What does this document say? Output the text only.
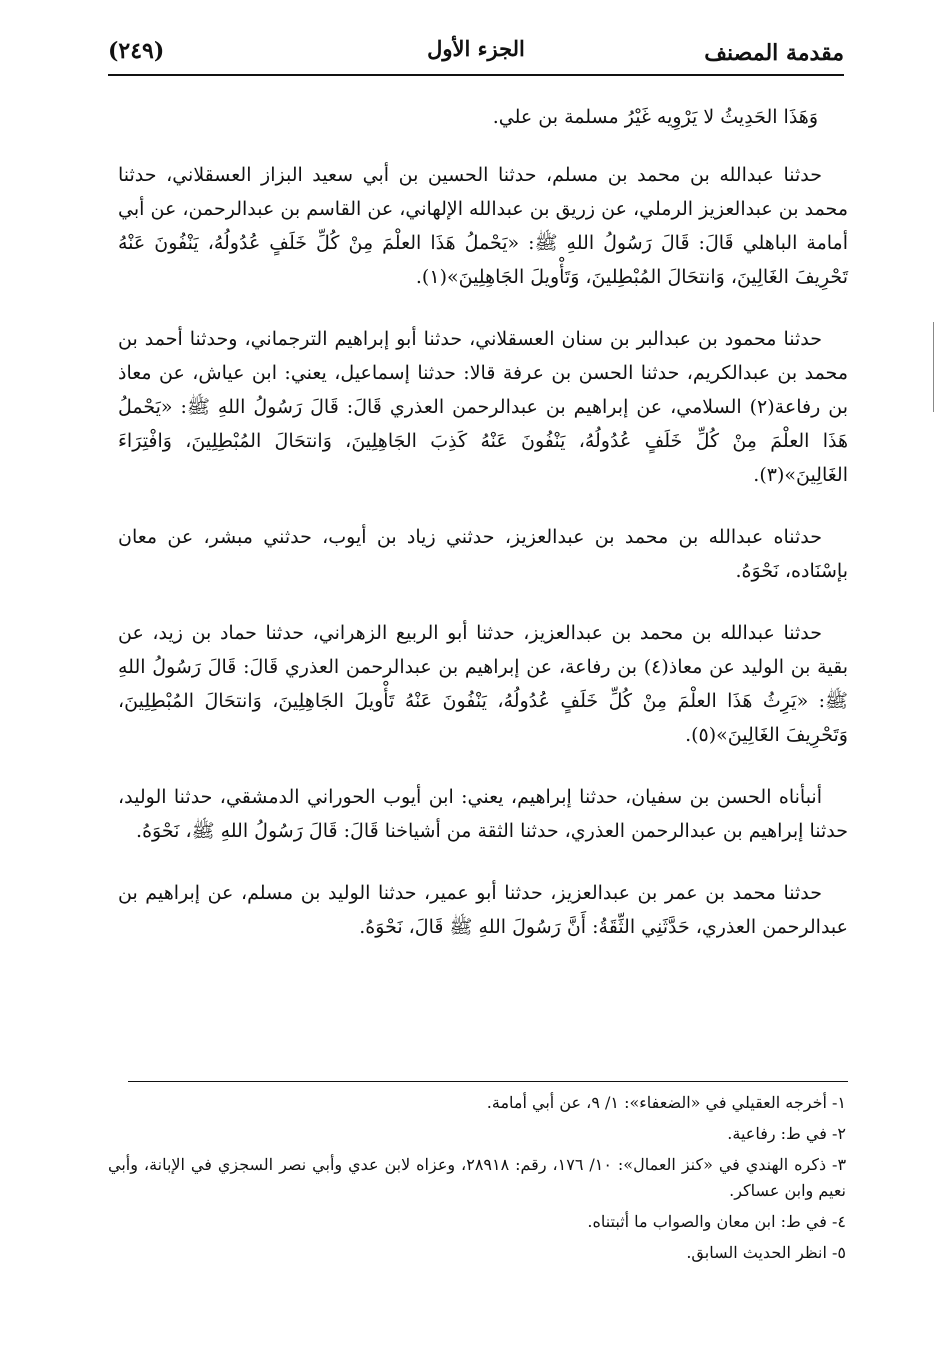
مقدمة المصنف
الجزء الأول
(٢٤٩)

وَهَذَا الحَدِيثُ لا يَرْوِيه غَيْرُ مسلمة بن علي.

حدثنا عبدالله بن محمد بن مسلم، حدثنا الحسين بن أبي سعيد البزاز العسقلاني، حدثنا محمد بن عبدالعزيز الرملي، عن زريق بن عبدالله الإلهاني، عن القاسم بن عبدالرحمن، عن أبي أمامة الباهلي قَالَ: قَالَ رَسُولُ اللهِ ﷺ: «يَحْملُ هَذَا العلْمَ مِنْ كُلِّ خَلَفٍ عُدُولُهُ، يَنْفُونَ عَنْهُ تَحْرِيفَ الغَالِينَ، وَانتحَالَ المُبْطِلينَ، وَتَأْويلَ الجَاهِلِينَ»(١).

حدثنا محمود بن عبدالبر بن سنان العسقلاني، حدثنا أبو إبراهيم الترجماني، وحدثنا أحمد بن محمد بن عبدالكريم، حدثنا الحسن بن عرفة قالا: حدثنا إسماعيل، يعني: ابن عياش، عن معاذ بن رفاعة(٢) السلامي، عن إبراهيم بن عبدالرحمن العذري قَالَ: قَالَ رَسُولُ اللهِ ﷺ: «يَحْملُ هَذَا العلْمَ مِنْ كُلِّ خَلَفٍ عُدُولُهُ، يَنْفُونَ عَنْهُ كَذِبَ الجَاهِلِينَ، وَانتحَالَ المُبْطِلِينَ، وَافْتِرَاءَ الغَالِينَ»(٣).

حدثناه عبدالله بن محمد بن عبدالعزيز، حدثني زياد بن أيوب، حدثني مبشر، عن معان بإسْنَاده، نَحْوَهُ.

حدثنا عبدالله بن محمد بن عبدالعزيز، حدثنا أبو الربيع الزهراني، حدثنا حماد بن زيد، عن بقية بن الوليد عن معاذ(٤) بن رفاعة، عن إبراهيم بن عبدالرحمن العذري قَالَ: قَالَ رَسُولُ اللهِ ﷺ: «يَرِثُ هَذَا العلْمَ مِنْ كُلِّ خَلَفٍ عُدُولُهُ، يَنْفُونَ عَنْهُ تَأْويلَ الجَاهِلِينَ، وَانتحَالَ المُبْطِلِينَ، وَتَحْرِيفَ الغَالِينَ»(٥).

أنبأناه الحسن بن سفيان، حدثنا إبراهيم، يعني: ابن أيوب الحوراني الدمشقي، حدثنا الوليد، حدثنا إبراهيم بن عبدالرحمن العذري، حدثنا الثقة من أشياخنا قَالَ: قَالَ رَسُولُ اللهِ ﷺ، نَحْوَهُ.

حدثنا محمد بن عمر بن عبدالعزيز، حدثنا أبو عمير، حدثنا الوليد بن مسلم، عن إبراهيم بن عبدالرحمن العذري، حَدَّثَنِي الثِّقَةُ: أَنَّ رَسُولَ اللهِ ﷺ قَالَ، نَحْوَهُ.

١- أخرجه العقيلي في «الضعفاء»: ١/ ٩، عن أبي أمامة.

٢- في ط: رفاعية.

٣- ذكره الهندي في «كنز العمال»: ١٠/ ١٧٦، رقم: ٢٨٩١٨، وعزاه لابن عدي وأبي نصر السجزي في الإبانة، وأبي نعيم وابن عساكر.

٤- في ط: ابن معان والصواب ما أثبتناه.

٥- انظر الحديث السابق.
